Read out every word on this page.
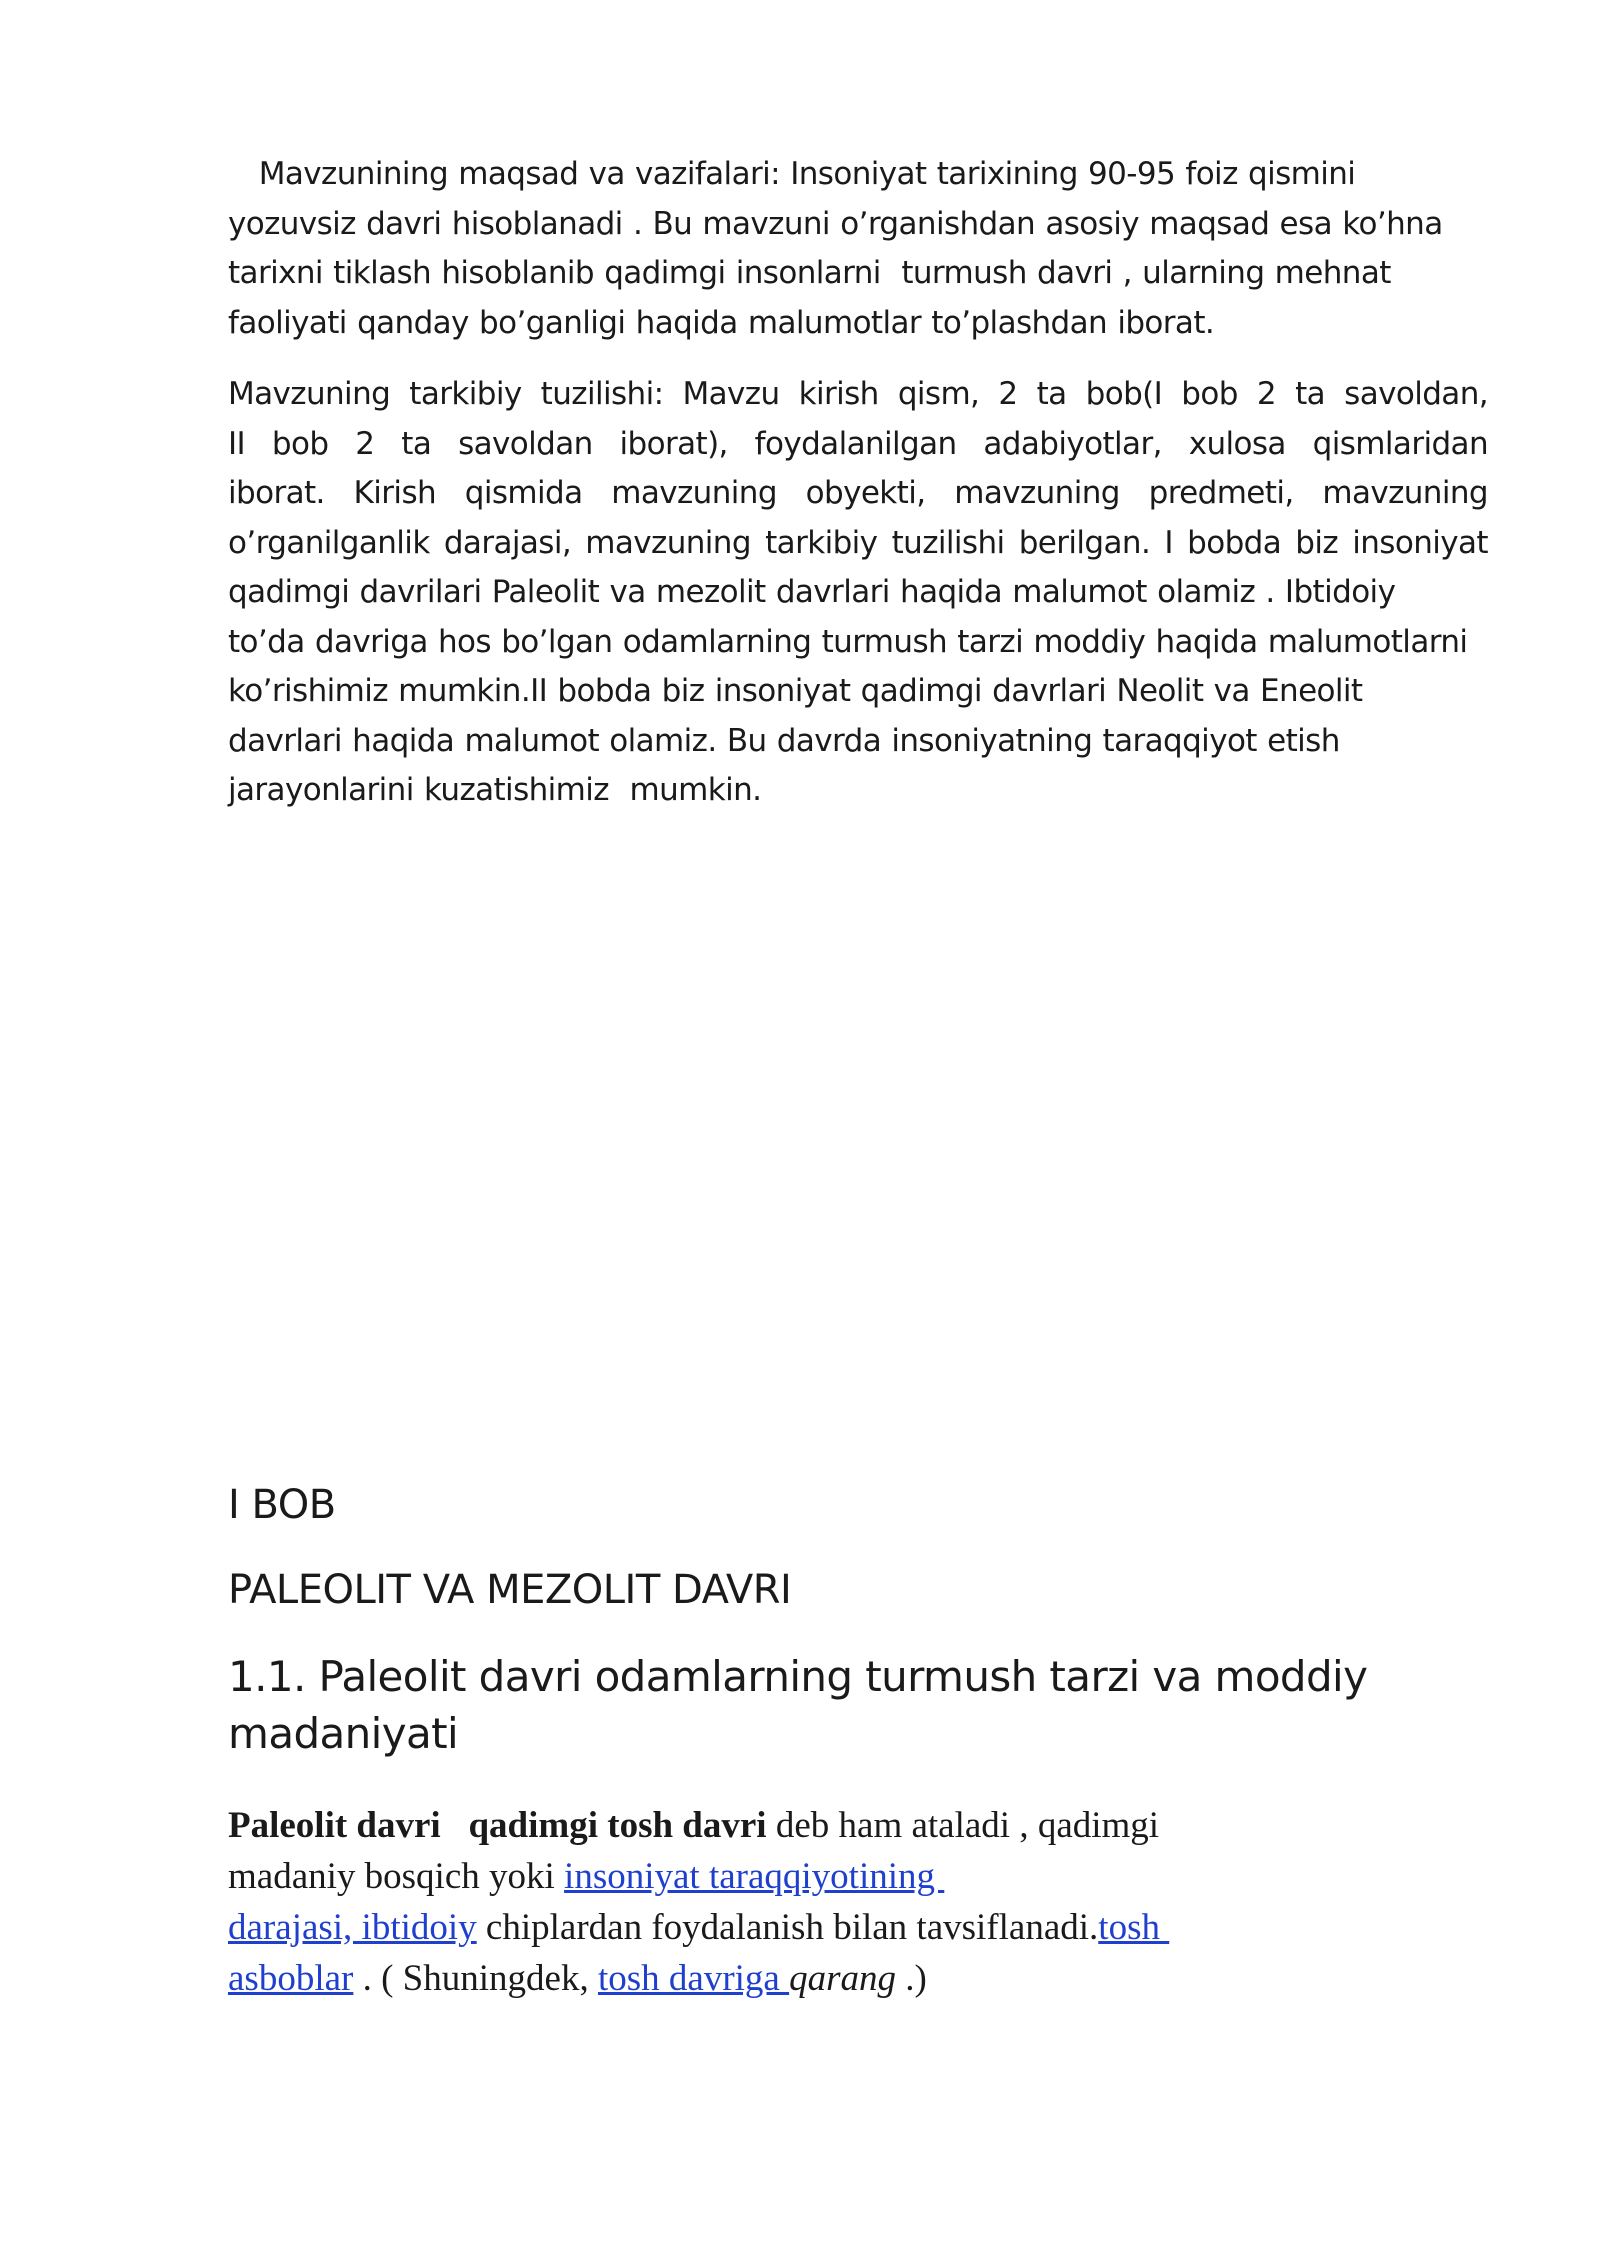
Mavzunining maqsad va vazifalari: Insoniyat tarixining 90-95 foiz qismini
yozuvsiz davri hisoblanadi . Bu mavzuni o’rganishdan asosiy maqsad esa ko’hna
tarixni tiklash hisoblanib qadimgi insonlarni  turmush davri , ularning mehnat
faoliyati qanday bo’ganligi haqida malumotlar to’plashdan iborat.

Mavzuning tarkibiy tuzilishi: Mavzu kirish qism, 2 ta bob(I bob 2 ta savoldan,
II bob 2 ta savoldan iborat), foydalanilgan adabiyotlar, xulosa qismlaridan
iborat. Kirish qismida mavzuning obyekti, mavzuning predmeti, mavzuning
o’rganilganlik darajasi, mavzuning tarkibiy tuzilishi berilgan. I bobda biz insoniyat
qadimgi davrilari Paleolit va mezolit davrlari haqida malumot olamiz . Ibtidoiy
to’da davriga hos bo’lgan odamlarning turmush tarzi moddiy haqida malumotlarni
ko’rishimiz mumkin.II bobda biz insoniyat qadimgi davrlari Neolit va Eneolit
davrlari haqida malumot olamiz. Bu davrda insoniyatning taraqqiyot etish
jarayonlarini kuzatishimiz  mumkin.

I BOB
PALEOLIT VA MEZOLIT DAVRI
1.1. Paleolit davri odamlarning turmush tarzi va moddiy
madaniyati

Paleolit davri qadimgi tosh davri deb ham ataladi , qadimgi
madaniy bosqich yoki insoniyat taraqqiyotining
darajasi, ibtidoiy chiplardan foydalanish bilan tavsiflanadi.tosh
asboblar . ( Shuningdek, tosh davriga qarang .)
